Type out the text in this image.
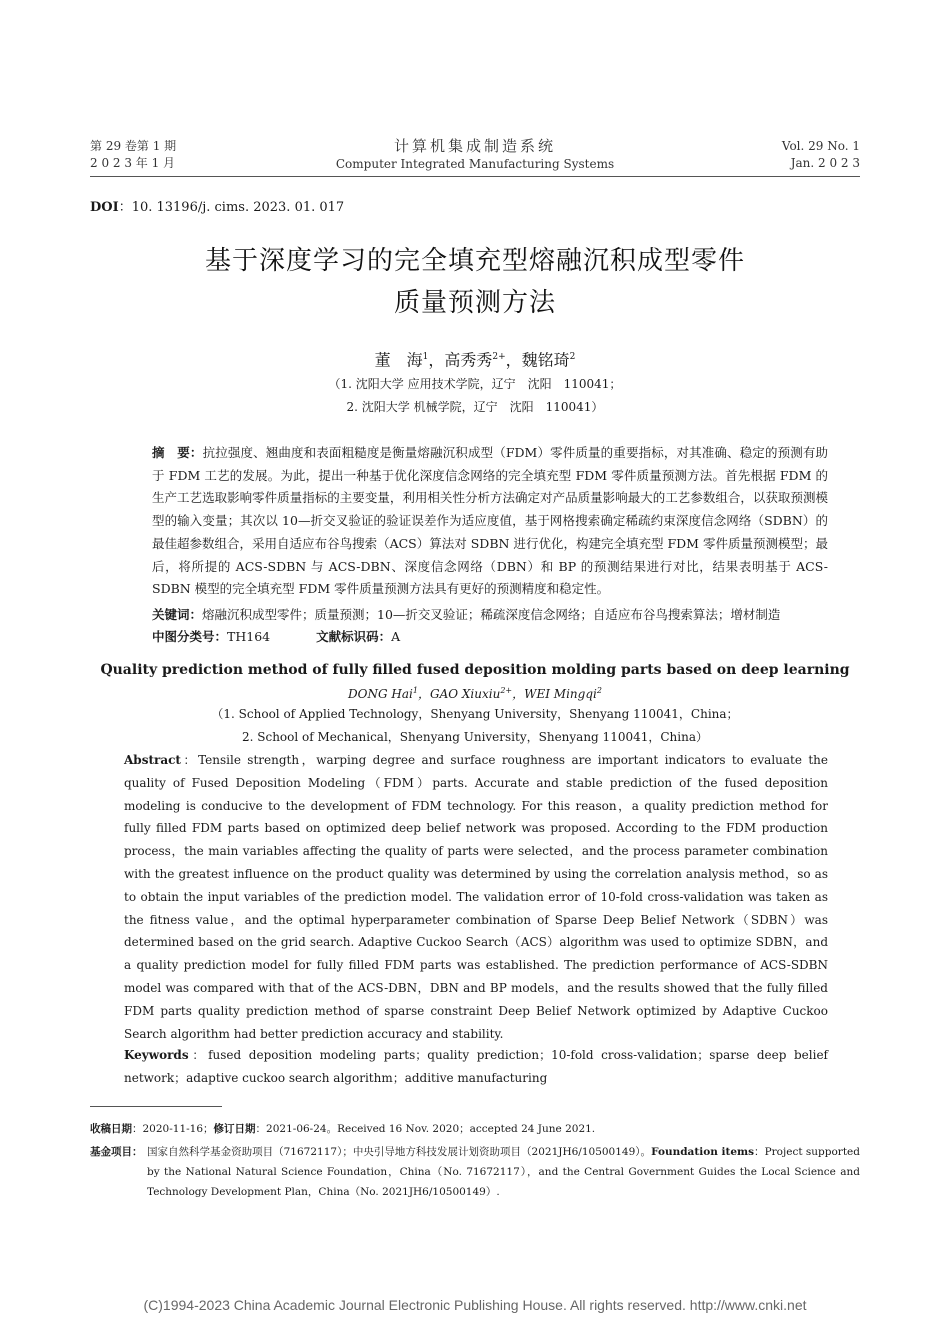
第 29 卷第 1 期
2 0 2 3 年 1 月
计算机集成制造系统
Computer Integrated Manufacturing Systems
Vol. 29 No. 1
Jan. 2 0 2 3
DOI：10. 13196/j. cims. 2023. 01. 017
基于深度学习的完全填充型熔融沉积成型零件
质量预测方法
董　海$^1$，高秀秀$^{2+}$，魏铭琦$^2$
（1. 沈阳大学 应用技术学院，辽宁　沈阳　110041；
2. 沈阳大学 机械学院，辽宁　沈阳　110041）
摘　要：抗拉强度、翘曲度和表面粗糙度是衡量熔融沉积成型（FDM）零件质量的重要指标，对其准确、稳定的预测有助于 FDM 工艺的发展。为此，提出一种基于优化深度信念网络的完全填充型 FDM 零件质量预测方法。首先根据 FDM 的生产工艺选取影响零件质量指标的主要变量，利用相关性分析方法确定对产品质量影响最大的工艺参数组合，以获取预测模型的输入变量；其次以 10—折交叉验证的验证误差作为适应度值，基于网格搜索确定稀疏约束深度信念网络（SDBN）的最佳超参数组合，采用自适应布谷鸟搜索（ACS）算法对 SDBN 进行优化，构建完全填充型 FDM 零件质量预测模型；最后，将所提的 ACS-SDBN 与 ACS-DBN、深度信念网络（DBN）和 BP 的预测结果进行对比，结果表明基于 ACS-SDBN 模型的完全填充型 FDM 零件质量预测方法具有更好的预测精度和稳定性。
关键词：熔融沉积成型零件；质量预测；10—折交叉验证；稀疏深度信念网络；自适应布谷鸟搜索算法；增材制造
中图分类号：TH164	文献标识码：A
Quality prediction method of fully filled fused deposition molding parts based on deep learning
DONG Hai$^1$，GAO Xiuxiu$^{2+}$，WEI Mingqi$^2$
（1. School of Applied Technology，Shenyang University，Shenyang 110041，China；
2. School of Mechanical，Shenyang University，Shenyang 110041，China）
Abstract：Tensile strength，warping degree and surface roughness are important indicators to evaluate the quality of Fused Deposition Modeling（FDM）parts. Accurate and stable prediction of the fused deposition modeling is conducive to the development of FDM technology. For this reason，a quality prediction method for fully filled FDM parts based on optimized deep belief network was proposed. According to the FDM production process，the main variables affecting the quality of parts were selected，and the process parameter combination with the greatest influence on the product quality was determined by using the correlation analysis method，so as to obtain the input variables of the prediction model. The validation error of 10-fold cross-validation was taken as the fitness value，and the optimal hyperparameter combination of Sparse Deep Belief Network（SDBN）was determined based on the grid search. Adaptive Cuckoo Search（ACS）algorithm was used to optimize SDBN，and a quality prediction model for fully filled FDM parts was established. The prediction performance of ACS-SDBN model was compared with that of the ACS-DBN，DBN and BP models，and the results showed that the fully filled FDM parts quality prediction method of sparse constraint Deep Belief Network optimized by Adaptive Cuckoo Search algorithm had better prediction accuracy and stability.
Keywords：fused deposition modeling parts；quality prediction；10-fold cross-validation；sparse deep belief network；adaptive cuckoo search algorithm；additive manufacturing
收稿日期：2020-11-16；修订日期：2021-06-24。Received 16 Nov. 2020；accepted 24 June 2021.
基金项目： 国家自然科学基金资助项目（71672117）；中央引导地方科技发展计划资助项目（2021JH6/10500149）。Foundation items：Project supported by the National Natural Science Foundation，China（No. 71672117），and the Central Government Guides the Local Science and Technology Development Plan，China（No. 2021JH6/10500149）.
(C)1994-2023 China Academic Journal Electronic Publishing House. All rights reserved. http://www.cnki.net
